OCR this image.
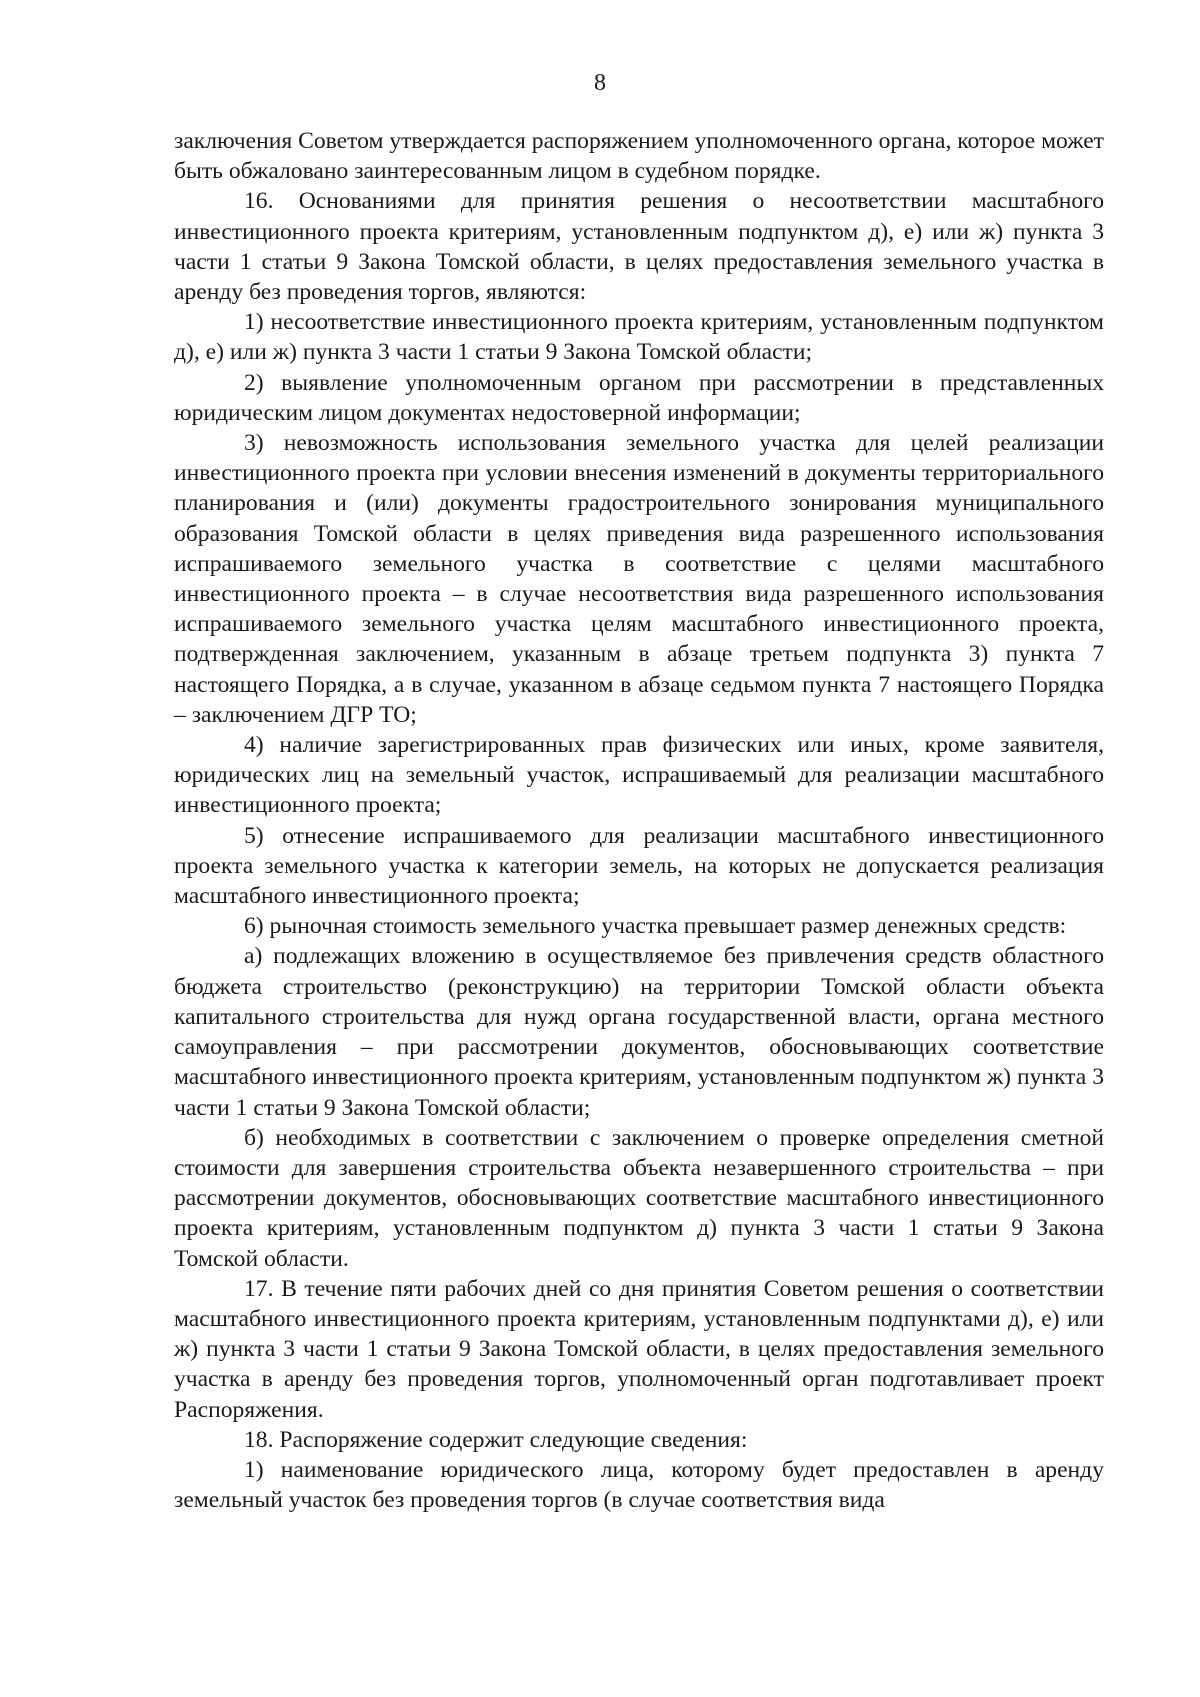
8

заключения Советом утверждается распоряжением уполномоченного органа, которое может быть обжаловано заинтересованным лицом в судебном порядке.

16. Основаниями для принятия решения о несоответствии масштабного инвестиционного проекта критериям, установленным подпунктом д), е) или ж) пункта 3 части 1 статьи 9 Закона Томской области, в целях предоставления земельного участка в аренду без проведения торгов, являются:

1) несоответствие инвестиционного проекта критериям, установленным подпунктом д), е) или ж) пункта 3 части 1 статьи 9 Закона Томской области;

2) выявление уполномоченным органом при рассмотрении в представленных юридическим лицом документах недостоверной информации;

3) невозможность использования земельного участка для целей реализации инвестиционного проекта при условии внесения изменений в документы территориального планирования и (или) документы градостроительного зонирования муниципального образования Томской области в целях приведения вида разрешенного использования испрашиваемого земельного участка в соответствие с целями масштабного инвестиционного проекта – в случае несоответствия вида разрешенного использования испрашиваемого земельного участка целям масштабного инвестиционного проекта, подтвержденная заключением, указанным в абзаце третьем подпункта 3) пункта 7 настоящего Порядка, а в случае, указанном в абзаце седьмом пункта 7 настоящего Порядка – заключением ДГР ТО;

4) наличие зарегистрированных прав физических или иных, кроме заявителя, юридических лиц на земельный участок, испрашиваемый для реализации масштабного инвестиционного проекта;

5) отнесение испрашиваемого для реализации масштабного инвестиционного проекта земельного участка к категории земель, на которых не допускается реализация масштабного инвестиционного проекта;

6) рыночная стоимость земельного участка превышает размер денежных средств:

а) подлежащих вложению в осуществляемое без привлечения средств областного бюджета строительство (реконструкцию) на территории Томской области объекта капитального строительства для нужд органа государственной власти, органа местного самоуправления – при рассмотрении документов, обосновывающих соответствие масштабного инвестиционного проекта критериям, установленным подпунктом ж) пункта 3 части 1 статьи 9 Закона Томской области;

б) необходимых в соответствии с заключением о проверке определения сметной стоимости для завершения строительства объекта незавершенного строительства – при рассмотрении документов, обосновывающих соответствие масштабного инвестиционного проекта критериям, установленным подпунктом д) пункта 3 части 1 статьи 9 Закона Томской области.

17. В течение пяти рабочих дней со дня принятия Советом решения о соответствии масштабного инвестиционного проекта критериям, установленным подпунктами д), е) или ж) пункта 3 части 1 статьи 9 Закона Томской области, в целях предоставления земельного участка в аренду без проведения торгов, уполномоченный орган подготавливает проект Распоряжения.

18. Распоряжение содержит следующие сведения:

1) наименование юридического лица, которому будет предоставлен в аренду земельный участок без проведения торгов (в случае соответствия вида
